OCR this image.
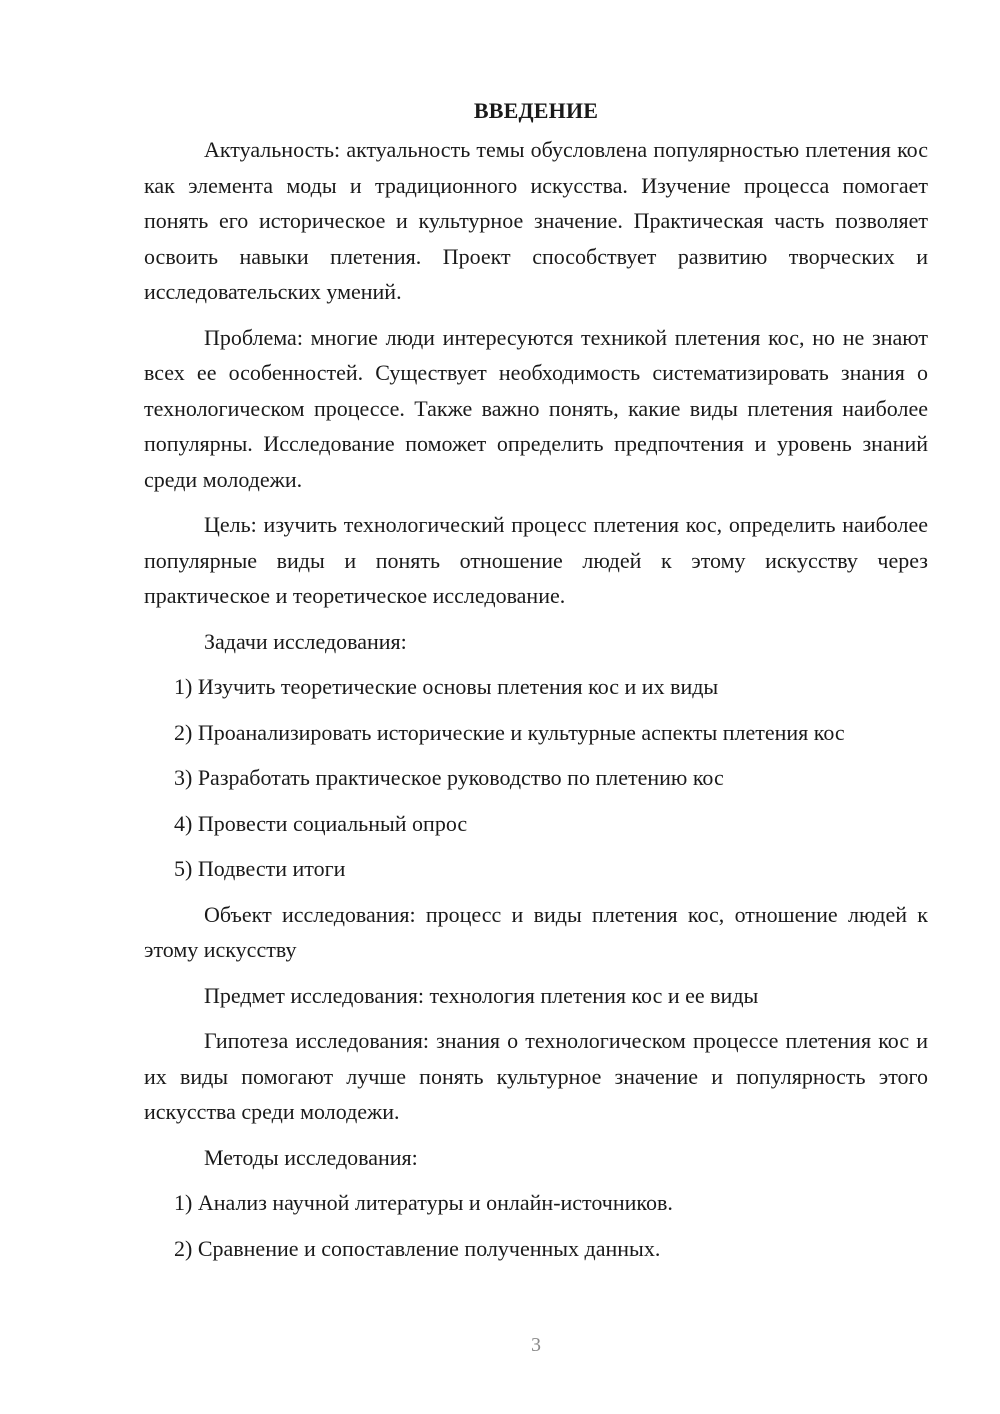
ВВЕДЕНИЕ

Актуальность: актуальность темы обусловлена популярностью плетения кос как элемента моды и традиционного искусства. Изучение процесса помогает понять его историческое и культурное значение. Практическая часть позволяет освоить навыки плетения. Проект способствует развитию творческих и исследовательских умений.

Проблема: многие люди интересуются техникой плетения кос, но не знают всех ее особенностей. Существует необходимость систематизировать знания о технологическом процессе. Также важно понять, какие виды плетения наиболее популярны. Исследование поможет определить предпочтения и уровень знаний среди молодежи.

Цель: изучить технологический процесс плетения кос, определить наиболее популярные виды и понять отношение людей к этому искусству через практическое и теоретическое исследование.

Задачи исследования:

1) Изучить теоретические основы плетения кос и их виды

2) Проанализировать исторические и культурные аспекты плетения кос

3) Разработать практическое руководство по плетению кос

4) Провести социальный опрос

5) Подвести итоги

Объект исследования: процесс и виды плетения кос, отношение людей к этому искусству

Предмет исследования: технология плетения кос и ее виды

Гипотеза исследования: знания о технологическом процессе плетения кос и их виды помогают лучше понять культурное значение и популярность этого искусства среди молодежи.

Методы исследования:

1) Анализ научной литературы и онлайн-источников.

2) Сравнение и сопоставление полученных данных.

3
